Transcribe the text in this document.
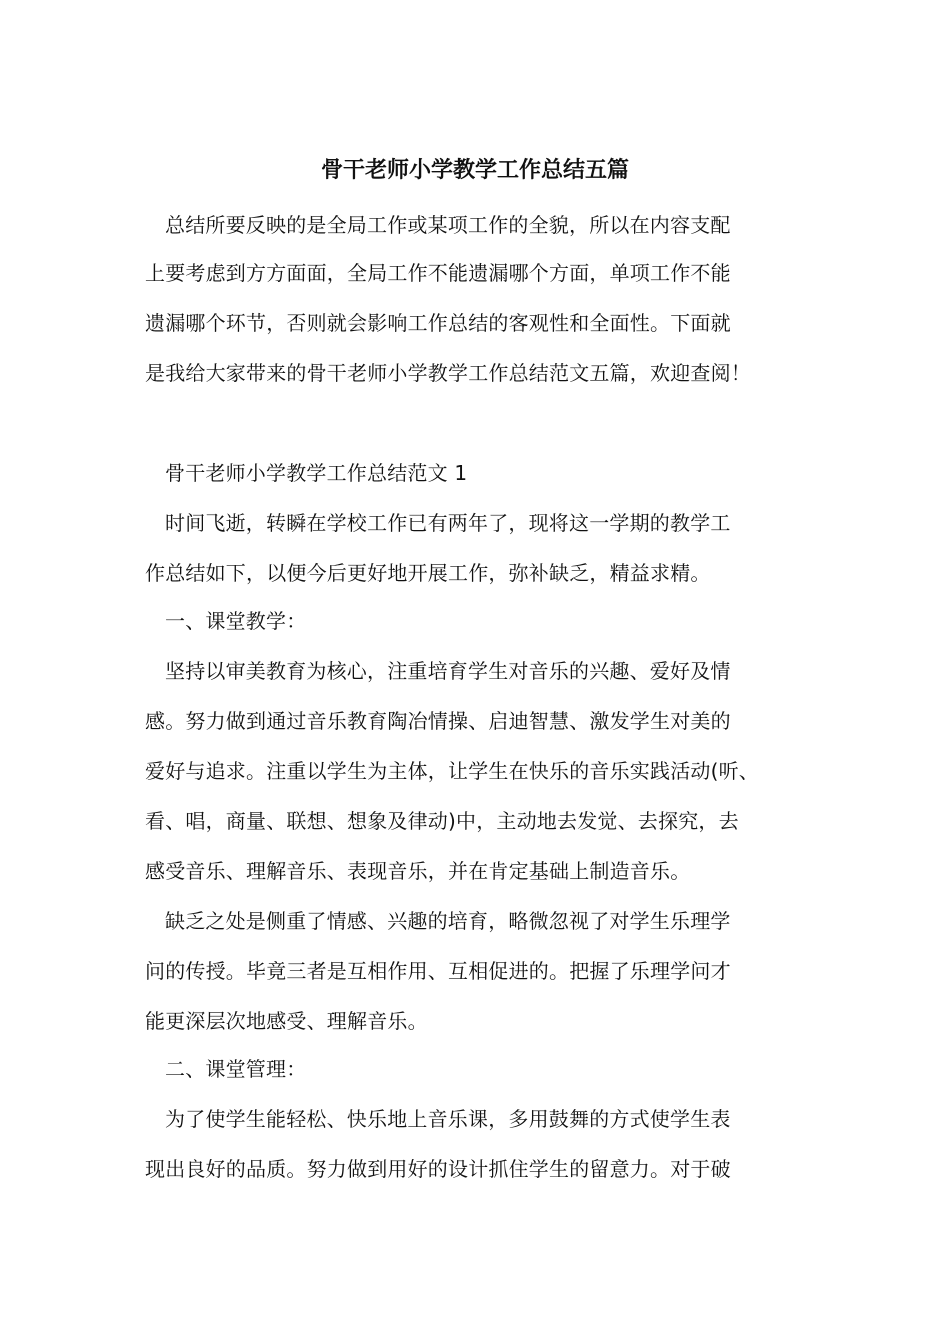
骨干老师小学教学工作总结五篇
总结所要反映的是全局工作或某项工作的全貌，所以在内容支配
上要考虑到方方面面，全局工作不能遗漏哪个方面，单项工作不能
遗漏哪个环节，否则就会影响工作总结的客观性和全面性。下面就
是我给大家带来的骨干老师小学教学工作总结范文五篇，欢迎查阅！
骨干老师小学教学工作总结范文 1
时间飞逝，转瞬在学校工作已有两年了，现将这一学期的教学工
作总结如下，以便今后更好地开展工作，弥补缺乏，精益求精。
一、课堂教学：
坚持以审美教育为核心，注重培育学生对音乐的兴趣、爱好及情
感。努力做到通过音乐教育陶冶情操、启迪智慧、激发学生对美的
爱好与追求。注重以学生为主体，让学生在快乐的音乐实践活动(听、
看、唱，商量、联想、想象及律动)中，主动地去发觉、去探究，去
感受音乐、理解音乐、表现音乐，并在肯定基础上制造音乐。
缺乏之处是侧重了情感、兴趣的培育，略微忽视了对学生乐理学
问的传授。毕竟三者是互相作用、互相促进的。把握了乐理学问才
能更深层次地感受、理解音乐。
二、课堂管理：
为了使学生能轻松、快乐地上音乐课，多用鼓舞的方式使学生表
现出良好的品质。努力做到用好的设计抓住学生的留意力。对于破
